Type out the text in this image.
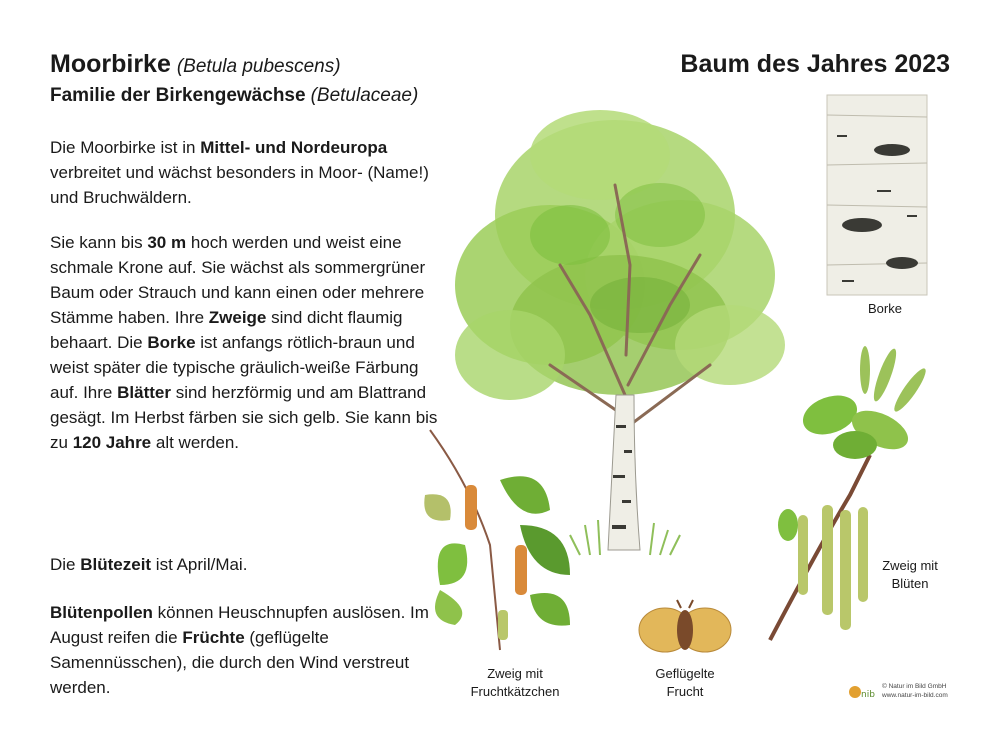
Moorbirke (Betula pubescens)
Familie der Birkengewächse (Betulaceae)
Baum des Jahres 2023

Die Moorbirke ist in Mittel- und Nordeuropa verbreitet und wächst besonders in Moor- (Name!) und Bruchwäldern.

Sie kann bis 30 m hoch werden und weist eine schmale Krone auf. Sie wächst als sommergrüner Baum oder Strauch und kann einen oder mehrere Stämme haben. Ihre Zweige sind dicht flaumig behaart. Die Borke ist anfangs rötlich-braun und weist später die typische gräulich-weiße Färbung auf. Ihre Blätter sind herzförmig und am Blattrand gesägt. Im Herbst färben sie sich gelb. Sie kann bis zu 120 Jahre alt werden.

Die Blütezeit ist April/Mai.

Blütenpollen können Heuschnupfen auslösen. Im August reifen die Früchte (geflügelte Samennüsschen), die durch den Wind verstreut werden.

Borke
Zweig mit
Blüten
Zweig mit
Fruchtkätzchen
Geflügelte
Frucht	nib
© Natur im Bild GmbH
www.natur-im-bild.com
